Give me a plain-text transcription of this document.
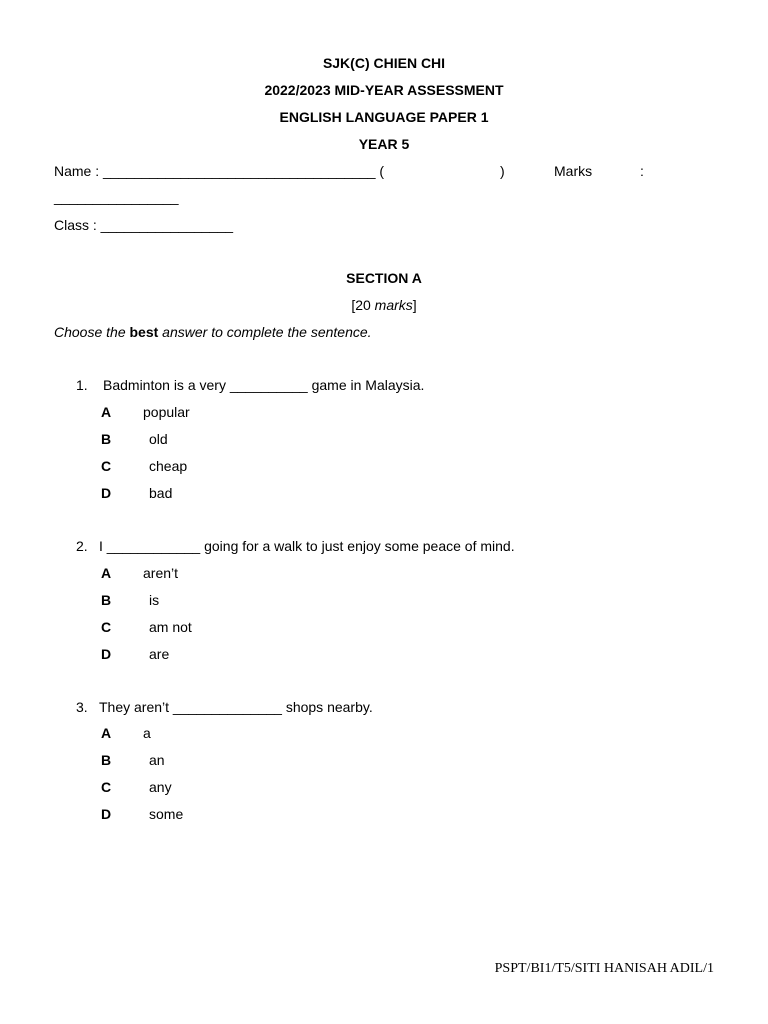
SJK(C) CHIEN CHI
2022/2023 MID-YEAR ASSESSMENT
ENGLISH LANGUAGE PAPER 1
YEAR 5
Name : ___________________________________ (	)	Marks	:
________________
Class : _________________
SECTION A
[20 marks]
Choose the best answer to complete the sentence.
1. Badminton is a very __________ game in Malaysia.
A popular
B	old
C	cheap
D	bad
2. I ____________ going for a walk to just enjoy some peace of mind.
A aren’t
B	is
C	am not
D	are
3. They aren’t ______________ shops nearby.
A a
B	an
C	any
D	some
PSPT/BI1/T5/SITI HANISAH ADIL/1
